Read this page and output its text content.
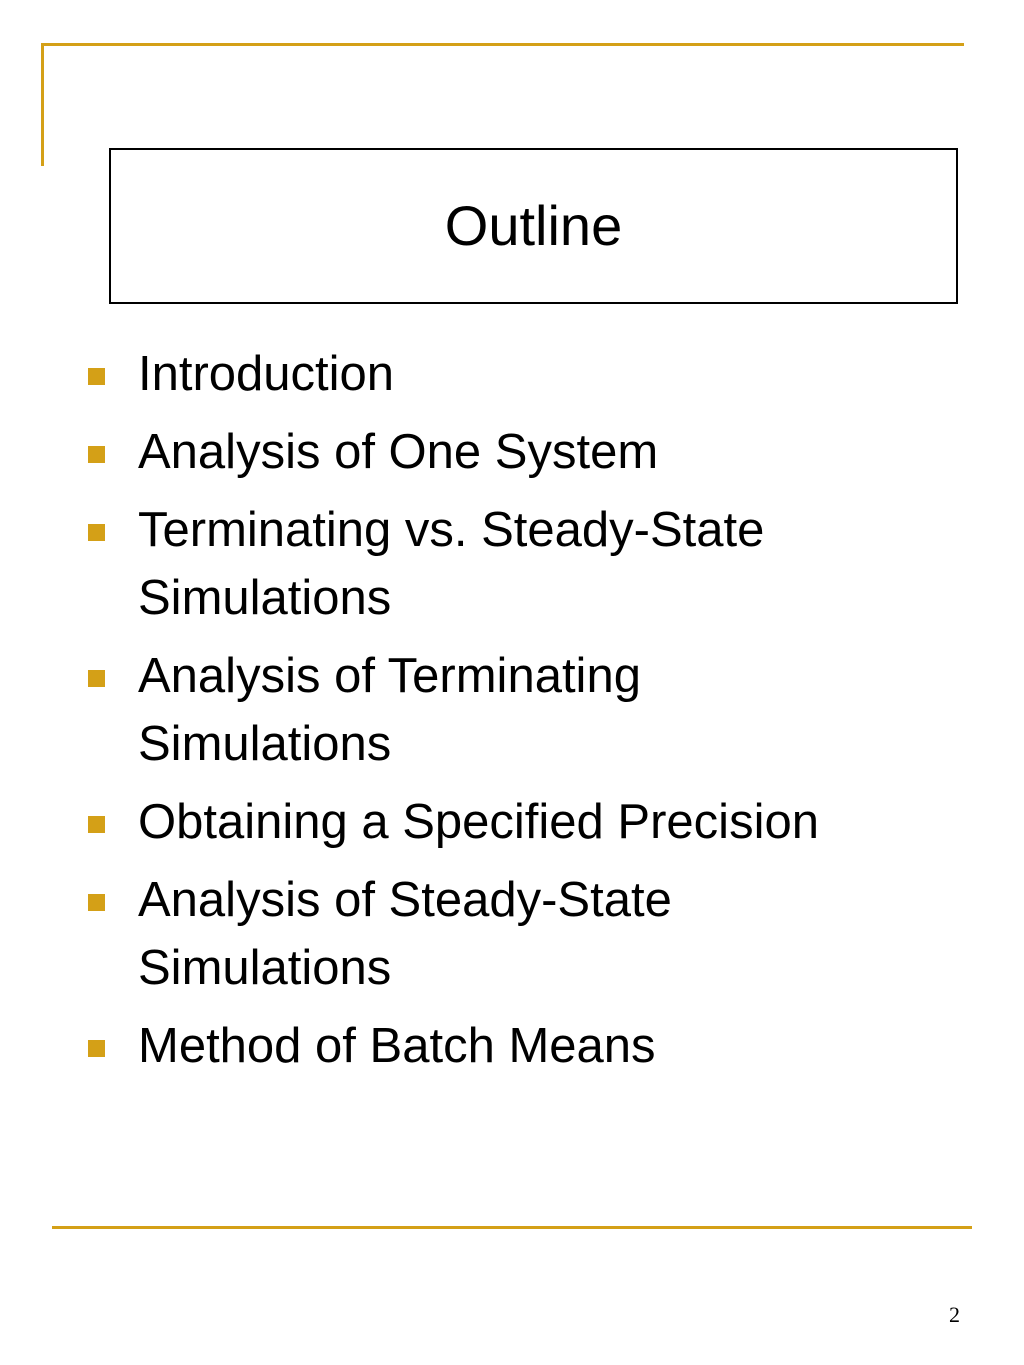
Outline
Introduction
Analysis of One System
Terminating vs. Steady-State
Simulations
Analysis of Terminating
Simulations
Obtaining a Specified Precision
Analysis of Steady-State
Simulations
Method of Batch Means
2
